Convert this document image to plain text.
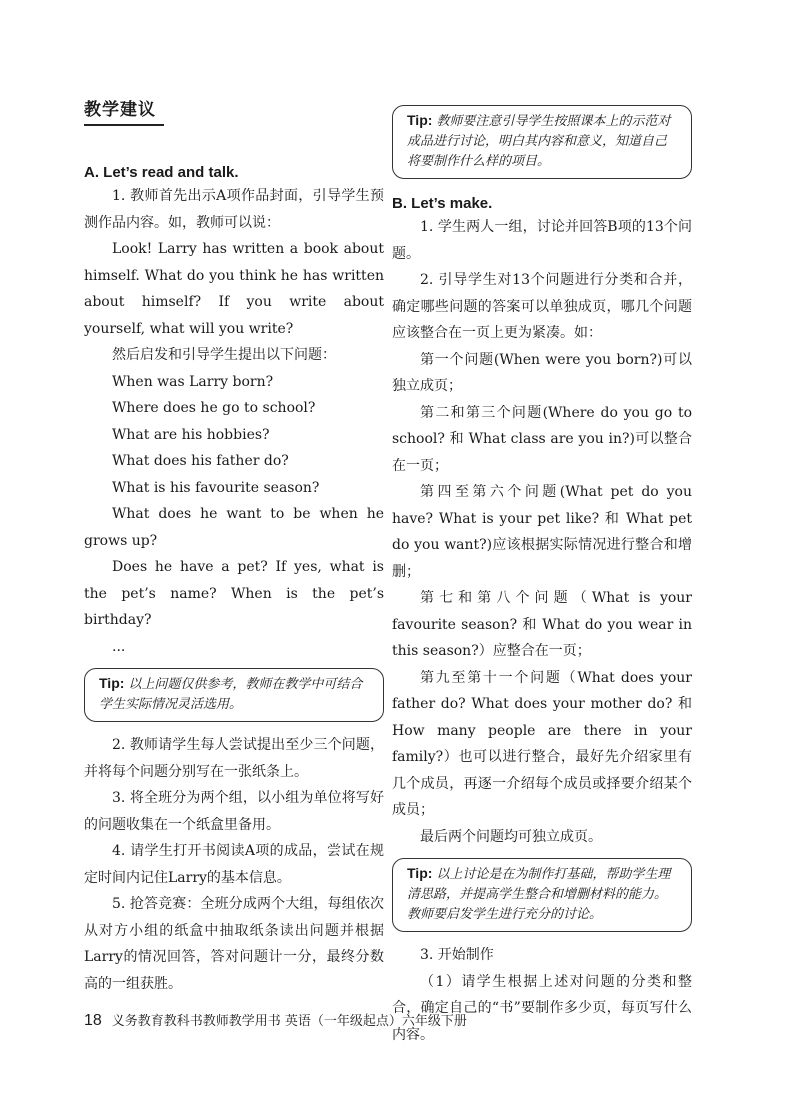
教学建议
A. Let’s read and talk.

1. 教师首先出示A项作品封面，引导学生预测作品内容。如，教师可以说：

Look! Larry has written a book about himself. What do you think he has written about himself? If you write about yourself, what will you write?

然后启发和引导学生提出以下问题：

When was Larry born?

Where does he go to school?

What are his hobbies?

What does his father do?

What is his favourite season?

What does he want to be when he grows up?

Does he have a pet? If yes, what is the pet’s name? When is the pet’s birthday?

...

Tip: 以上问题仅供参考，教师在教学中可结合学生实际情况灵活选用。

2. 教师请学生每人尝试提出至少三个问题，并将每个问题分别写在一张纸条上。

3. 将全班分为两个组，以小组为单位将写好的问题收集在一个纸盒里备用。

4. 请学生打开书阅读A项的成品，尝试在规定时间内记住Larry的基本信息。

5. 抢答竞赛：全班分成两个大组，每组依次从对方小组的纸盒中抽取纸条读出问题并根据Larry的情况回答，答对问题计一分，最终分数高的一组获胜。

Tip: 教师要注意引导学生按照课本上的示范对成品进行讨论，明白其内容和意义，知道自己将要制作什么样的项目。
B. Let’s make.

1. 学生两人一组，讨论并回答B项的13个问题。

2. 引导学生对13个问题进行分类和合并，确定哪些问题的答案可以单独成页，哪几个问题应该整合在一页上更为紧凑。如：

第一个问题(When were you born?)可以独立成页；

第二和第三个问题(Where do you go to school? 和 What class are you in?)可以整合在一页；

第四至第六个问题(What pet do you have? What is your pet like? 和 What pet do you want?)应该根据实际情况进行整合和增删；

第七和第八个问题（What is your favourite season? 和 What do you wear in this season?）应整合在一页；

第九至第十一个问题（What does your father do? What does your mother do? 和 How many people are there in your family?）也可以进行整合，最好先介绍家里有几个成员，再逐一介绍每个成员或择要介绍某个成员；

最后两个问题均可独立成页。

Tip: 以上讨论是在为制作打基础，帮助学生理清思路，并提高学生整合和增删材料的能力。教师要启发学生进行充分的讨论。

3. 开始制作

（1）请学生根据上述对问题的分类和整合，确定自己的“书”要制作多少页，每页写什么内容。

18 义务教育教科书教师教学用书 英语（一年级起点）六年级下册
